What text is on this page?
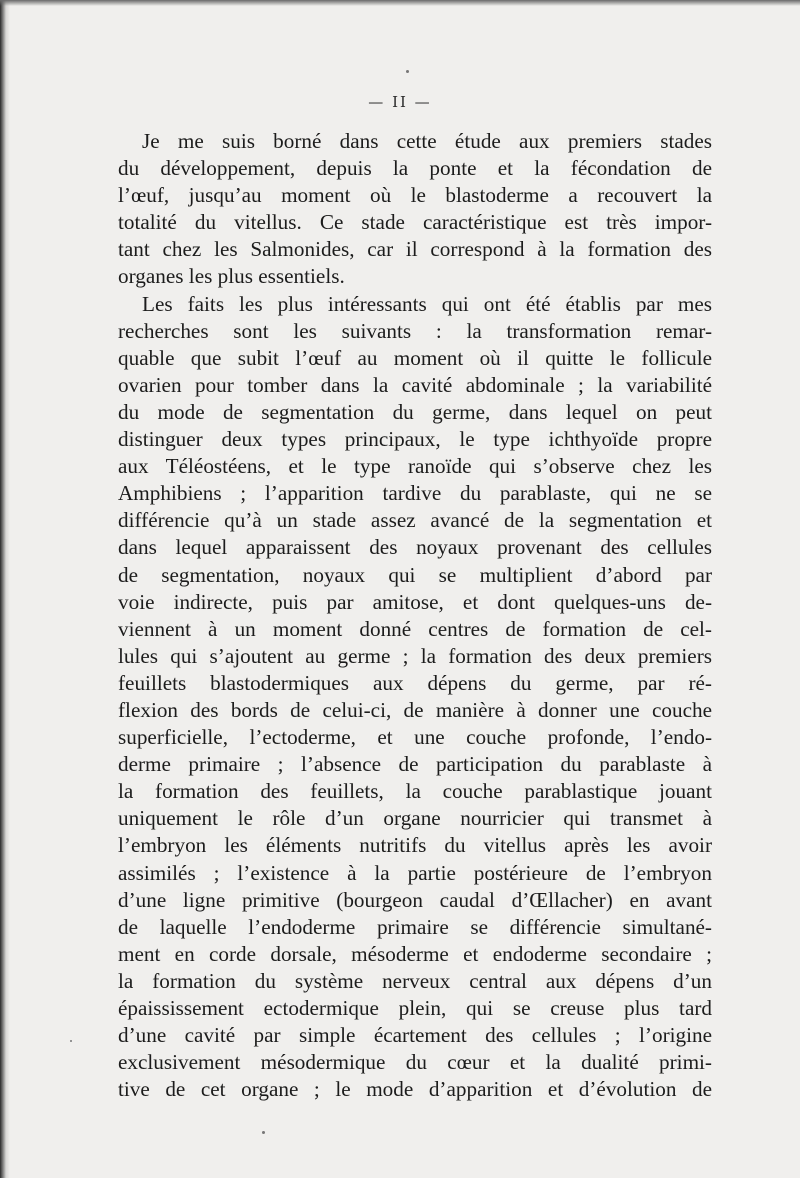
— II —
Je me suis borné dans cette étude aux premiers stades
du développement, depuis la ponte et la fécondation de
l’œuf, jusqu’au moment où le blastoderme a recouvert la
totalité du vitellus. Ce stade caractéristique est très impor-
tant chez les Salmonides, car il correspond à la formation des
organes les plus essentiels.
Les faits les plus intéressants qui ont été établis par mes
recherches sont les suivants : la transformation remar-
quable que subit l’œuf au moment où il quitte le follicule
ovarien pour tomber dans la cavité abdominale ; la variabilité
du mode de segmentation du germe, dans lequel on peut
distinguer deux types principaux, le type ichthyoïde propre
aux Téléostéens, et le type ranoïde qui s’observe chez les
Amphibiens ; l’apparition tardive du parablaste, qui ne se
différencie qu’à un stade assez avancé de la segmentation et
dans lequel apparaissent des noyaux provenant des cellules
de segmentation, noyaux qui se multiplient d’abord par
voie indirecte, puis par amitose, et dont quelques-uns de-
viennent à un moment donné centres de formation de cel-
lules qui s’ajoutent au germe ; la formation des deux premiers
feuillets blastodermiques aux dépens du germe, par ré-
flexion des bords de celui-ci, de manière à donner une couche
superficielle, l’ectoderme, et une couche profonde, l’endo-
derme primaire ; l’absence de participation du parablaste à
la formation des feuillets, la couche parablastique jouant
uniquement le rôle d’un organe nourricier qui transmet à
l’embryon les éléments nutritifs du vitellus après les avoir
assimilés ; l’existence à la partie postérieure de l’embryon
d’une ligne primitive (bourgeon caudal d’Œllacher) en avant
de laquelle l’endoderme primaire se différencie simultané-
ment en corde dorsale, mésoderme et endoderme secondaire ;
la formation du système nerveux central aux dépens d’un
épaississement ectodermique plein, qui se creuse plus tard
d’une cavité par simple écartement des cellules ; l’origine
exclusivement mésodermique du cœur et la dualité primi-
tive de cet organe ; le mode d’apparition et d’évolution de
